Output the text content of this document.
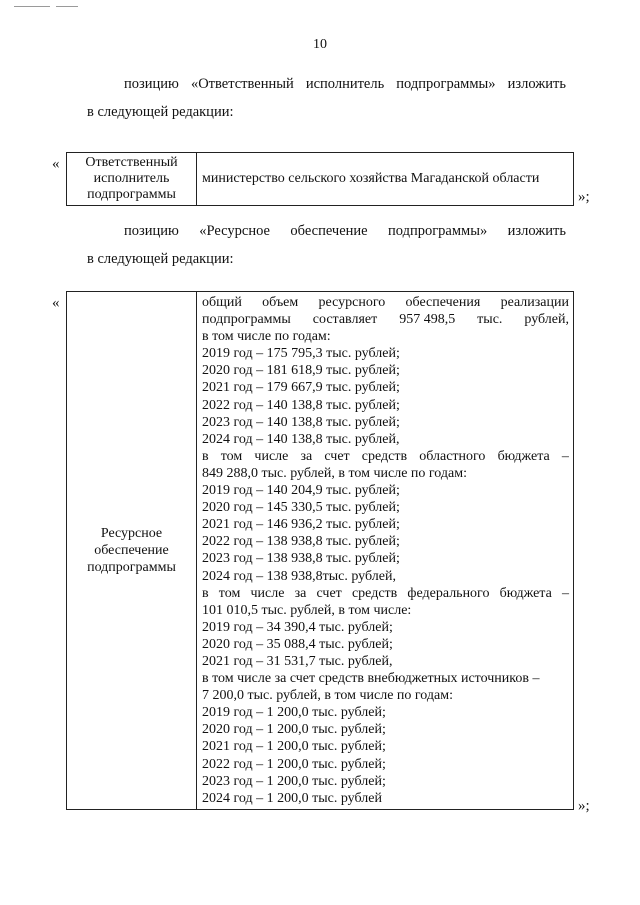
10
позицию «Ответственный исполнитель подпрограммы» изложить
в следующей редакции:
«	Ответственный
исполнитель
подпрограммы
	министерство сельского хозяйства Магаданской области
»;
позицию «Ресурсное обеспечение подпрограммы» изложить
в следующей редакции:
«
Ресурсное
обеспечение
подпрограммы

общий объем ресурсного обеспечения реализации
подпрограммы составляет 957 498,5 тыс. рублей,
в том числе по годам:
2019 год – 175 795,3 тыс. рублей;
2020 год – 181 618,9 тыс. рублей;
2021 год – 179 667,9 тыс. рублей;
2022 год – 140 138,8 тыс. рублей;
2023 год – 140 138,8 тыс. рублей;
2024 год – 140 138,8 тыс. рублей,
в том числе за счет средств областного бюджета –
849 288,0 тыс. рублей, в том числе по годам:
2019 год – 140 204,9 тыс. рублей;
2020 год – 145 330,5 тыс. рублей;
2021 год – 146 936,2 тыс. рублей;
2022 год – 138 938,8 тыс. рублей;
2023 год – 138 938,8 тыс. рублей;
2024 год – 138 938,8тыс. рублей,
в том числе за счет средств федерального бюджета –
101 010,5 тыс. рублей, в том числе:
2019 год – 34 390,4 тыс. рублей;
2020 год – 35 088,4 тыс. рублей;
2021 год – 31 531,7 тыс. рублей,
в том числе за счет средств внебюджетных источников –
7 200,0 тыс. рублей, в том числе по годам:
2019 год – 1 200,0 тыс. рублей;
2020 год – 1 200,0 тыс. рублей;
2021 год – 1 200,0 тыс. рублей;
2022 год – 1 200,0 тыс. рублей;
2023 год – 1 200,0 тыс. рублей;
2024 год – 1 200,0 тыс. рублей	»;
